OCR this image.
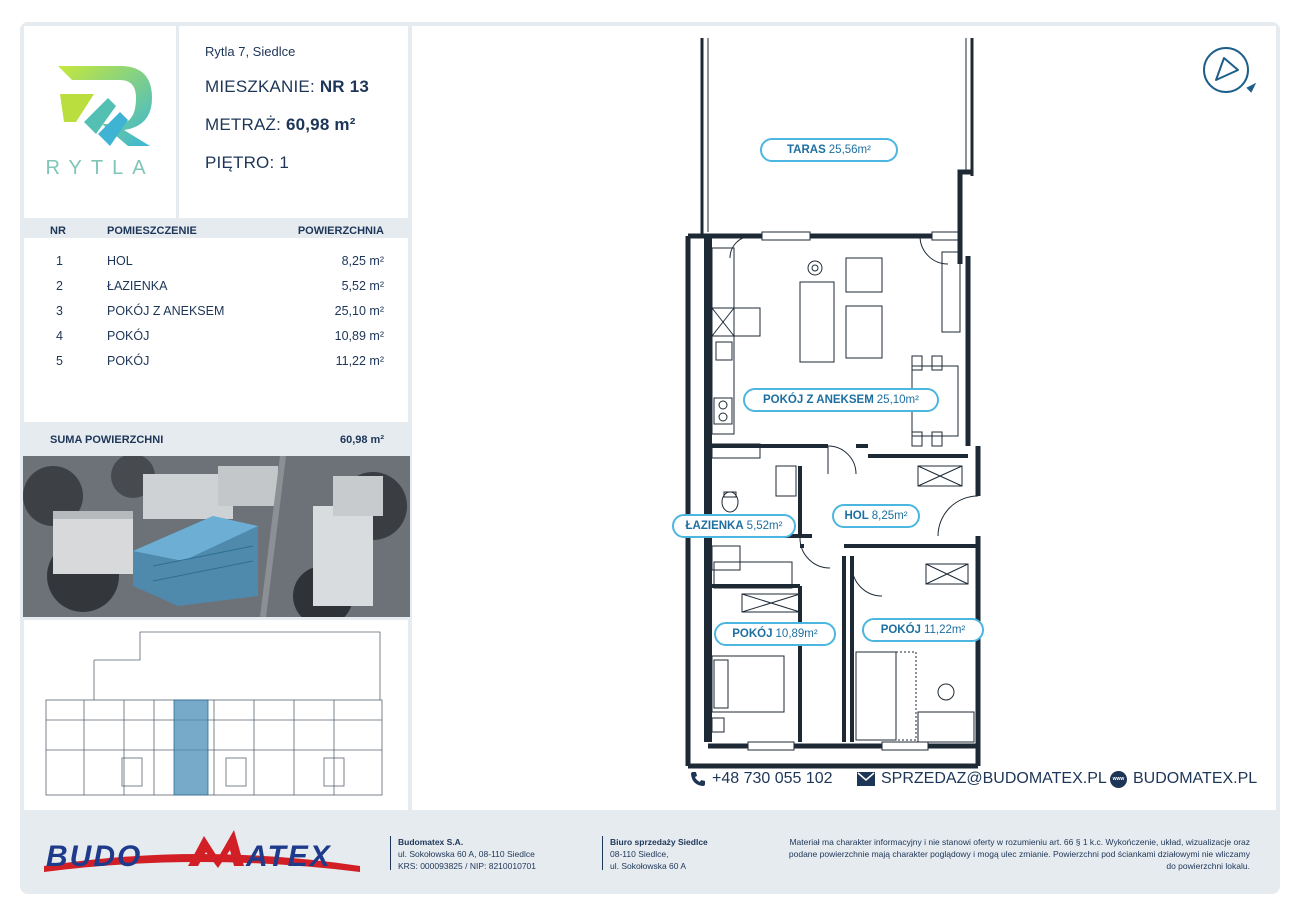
RYTLA
Rytla 7, Siedlce
MIESZKANIE: NR 13
METRAŻ: 60,98 m²
PIĘTRO: 1
NR	POMIESZCZENIE	POWIERZCHNIA
1	HOL	8,25 m²
2	ŁAZIENKA	5,52 m²
3	POKÓJ Z ANEKSEM	25,10 m²
4	POKÓJ	10,89 m²
5	POKÓJ	11,22 m²
SUMA POWIERZCHNI	60,98 m²
TARAS 25,56m²
POKÓJ Z ANEKSEM 25,10m²
ŁAZIENKA 5,52m²
HOL 8,25m²
POKÓJ 10,89m²	POKÓJ 11,22m²
+48 730 055 102	SPRZEDAZ@BUDOMATEX.PL	www BUDOMATEX.PL
BUDO	ATEX	Budomatex S.A.
ul. Sokołowska 60 A, 08-110 Siedlce
KRS: 000093825 / NIP: 8210010701
Biuro sprzedaży Siedlce
08-110 Siedlce,
ul. Sokołowska 60 A
Materiał ma charakter informacyjny i nie stanowi oferty w rozumieniu art. 66 § 1 k.c. Wykończenie, układ, wizualizacje oraz podane powierzchnie mają charakter poglądowy i mogą ulec zmianie. Powierzchni pod ściankami działowymi nie wliczamy do powierzchni lokalu.
